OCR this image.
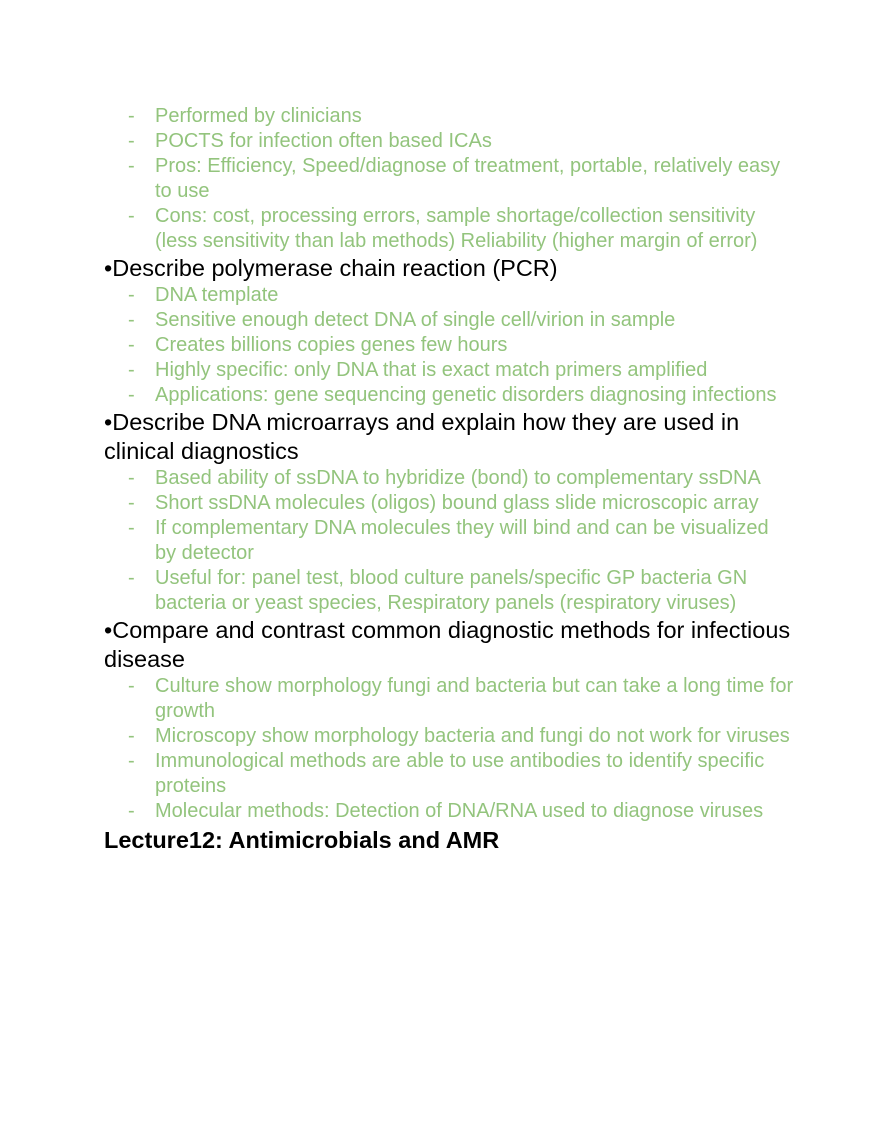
- Performed by clinicians
- POCTS for infection often based ICAs
- Pros: Efficiency, Speed/diagnose of treatment, portable, relatively easy to use
- Cons: cost, processing errors, sample shortage/collection sensitivity (less sensitivity than lab methods) Reliability (higher margin of error)
•Describe polymerase chain reaction (PCR)
- DNA template
- Sensitive enough detect DNA of single cell/virion in sample
- Creates billions copies genes few hours
- Highly specific: only DNA that is exact match primers amplified
- Applications: gene sequencing genetic disorders diagnosing infections
•Describe DNA microarrays and explain how they are used in clinical diagnostics
- Based ability of ssDNA to hybridize (bond) to complementary ssDNA
- Short ssDNA molecules (oligos) bound glass slide microscopic array
- If complementary DNA molecules they will bind and can be visualized by detector
- Useful for: panel test, blood culture panels/specific GP bacteria GN bacteria or yeast species, Respiratory panels (respiratory viruses)
•Compare and contrast common diagnostic methods for infectious disease
- Culture show morphology fungi and bacteria but can take a long time for growth
- Microscopy show morphology bacteria and fungi do not work for viruses
- Immunological methods are able to use antibodies to identify specific proteins
- Molecular methods: Detection of DNA/RNA used to diagnose viruses
Lecture12: Antimicrobials and AMR
